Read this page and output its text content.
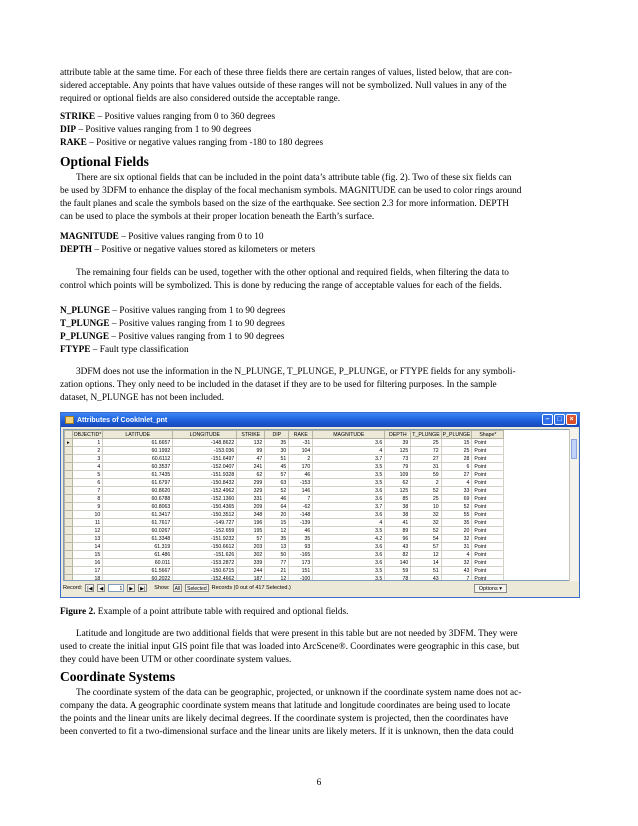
attribute table at the same time. For each of these three fields there are certain ranges of values, listed below, that are con-
sidered acceptable. Any points that have values outside of these ranges will not be symbolized. Null values in any of the
required or optional fields are also considered outside the acceptable range.
STRIKE – Positive values ranging from 0 to 360 degrees
DIP – Positive values ranging from 1 to 90 degrees
RAKE – Positive or negative values ranging from -180 to 180 degrees
Optional Fields
There are six optional fields that can be included in the point data’s attribute table (fig. 2). Two of these six fields can
be used by 3DFM to enhance the display of the focal mechanism symbols. MAGNITUDE can be used to color rings around
the fault planes and scale the symbols based on the size of the earthquake. See section 2.3 for more information. DEPTH
can be used to place the symbols at their proper location beneath the Earth’s surface.
MAGNITUDE – Positive values ranging from 0 to 10
DEPTH – Positive or negative values stored as kilometers or meters
The remaining four fields can be used, together with the other optional and required fields, when filtering the data to
control which points will be symbolized. This is done by reducing the range of acceptable values for each of the fields.
N_PLUNGE – Positive values ranging from 1 to 90 degrees
T_PLUNGE – Positive values ranging from 1 to 90 degrees
P_PLUNGE – Positive values ranging from 1 to 90 degrees
FTYPE – Fault type classification
3DFM does not use the information in the N_PLUNGE, T_PLUNGE, P_PLUNGE, or FTYPE fields for any symboli-
zation options. They only need to be included in the dataset if they are to be used for filtering purposes. In the sample
dataset, N_PLUNGE has not been included.
Attributes of CookInlet_pnt	–	□	×
	OBJECTID*	LATITUDE	LONGITUDE	STRIKE	DIP	RAKE	MAGNITUDE	DEPTH	T_PLUNGE	P_PLUNGE	Shape*
▸	1	61.6657	-148.8622	132	35	-31	3.6	39	25	15	Point
	2	60.1992	-153.036	99	30	104	4	125	72	25	Point
	3	60.6112	-151.6497	47	51	2	3.7	73	27	28	Point
	4	60.3537	-152.0407	241	45	170	3.5	79	31	6	Point
	5	61.7435	-151.9328	62	57	46	3.5	109	59	27	Point
	6	61.6797	-150.8432	299	63	-153	3.5	62	2	4	Point
	7	60.8620	-152.4962	329	52	146	3.6	125	52	33	Point
	8	60.6788	-152.1360	331	46	7	3.6	85	25	69	Point
	9	60.8063	-150.4365	209	64	-62	3.7	38	10	52	Point
	10	61.3417	-150.3512	348	20	-148	3.6	38	32	55	Point
	11	61.7617	-149.727	196	15	-139	4	41	32	35	Point
	12	60.0267	-152.659	195	12	46	3.5	89	52	20	Point
	13	61.3348	-151.9232	57	35	35	4.2	96	54	32	Point
	14	61.319	-150.6612	203	13	93	3.6	43	57	31	Point
	15	61.486	-151.626	302	50	-165	3.6	82	12	4	Point
	16	60.011	-153.2872	339	77	173	3.6	140	14	32	Point
	17	61.5667	-150.6715	244	21	151	3.5	59	51	43	Point
	18	60.2022	-152.4662	187	12	-100	3.5	78	43	7	Point
Record:	|◀	◀	1	▶	▶|	Show:	All	Selected Records (0 out of 417 Selected.)	Options ▾
Figure 2. Example of a point attribute table with required and optional fields.
Latitude and longitude are two additional fields that were present in this table but are not needed by 3DFM. They were
used to create the initial input GIS point file that was loaded into ArcScene®. Coordinates were geographic in this case, but
they could have been UTM or other coordinate system values.
Coordinate Systems
The coordinate system of the data can be geographic, projected, or unknown if the coordinate system name does not ac-
company the data. A geographic coordinate system means that latitude and longitude coordinates are being used to locate
the points and the linear units are likely decimal degrees. If the coordinate system is projected, then the coordinates have
been converted to fit a two-dimensional surface and the linear units are likely meters. If it is unknown, then the data could
6
